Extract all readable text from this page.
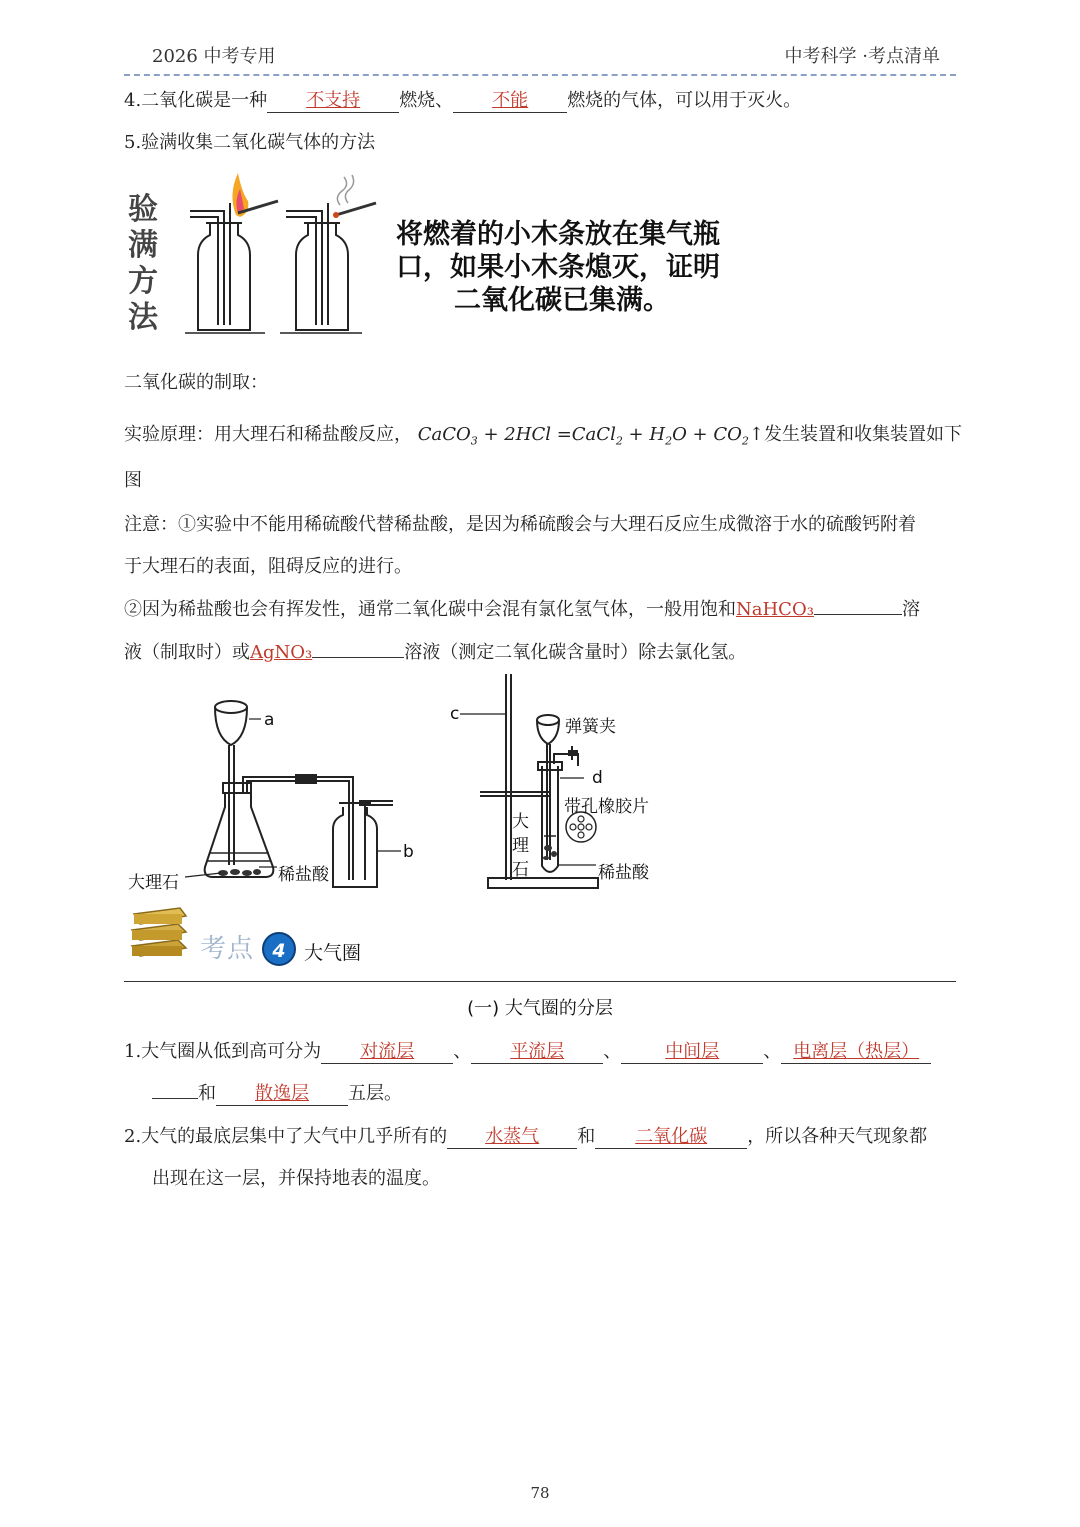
2026 中考专用	中考科学 ·考点清单
4.二氧化碳是一种 不支持 燃烧、 不能 燃烧的气体，可以用于灭火。
5.验满收集二氧化碳气体的方法
验
满
方
法
将燃着的小木条放在集气瓶
口，如果小木条熄灭，证明
二氧化碳已集满。
二氧化碳的制取：
实验原理：用大理石和稀盐酸反应， CaCO$_3$ + 2HCl =CaCl$_2$ + $H_2O$ + $CO_2↑$发生装置和收集装置如下
图
注意：①实验中不能用稀硫酸代替稀盐酸，是因为稀硫酸会与大理石反应生成微溶于水的硫酸钙附着
于大理石的表面，阻碍反应的进行。
②因为稀盐酸也会有挥发性，通常二氧化碳中会混有氯化氢气体，一般用饱和NaHCO₃	溶
液（制取时）或AgNO₃	溶液（测定二氧化碳含量时）除去氯化氢。
a
b
大理石	稀盐酸
c
d
弹簧夹
带孔橡胶片
大
理
石	稀盐酸
考点 4 大气圈
(一) 大气圈的分层
1.大气圈从低到高可分为 对流层 、 平流层 、 中间层 、 电离层（热层）
和 散逸层 五层。
2.大气的最底层集中了大气中几乎所有的 水蒸气 和 二氧化碳 ，所以各种天气现象都
出现在这一层，并保持地表的温度。
78
